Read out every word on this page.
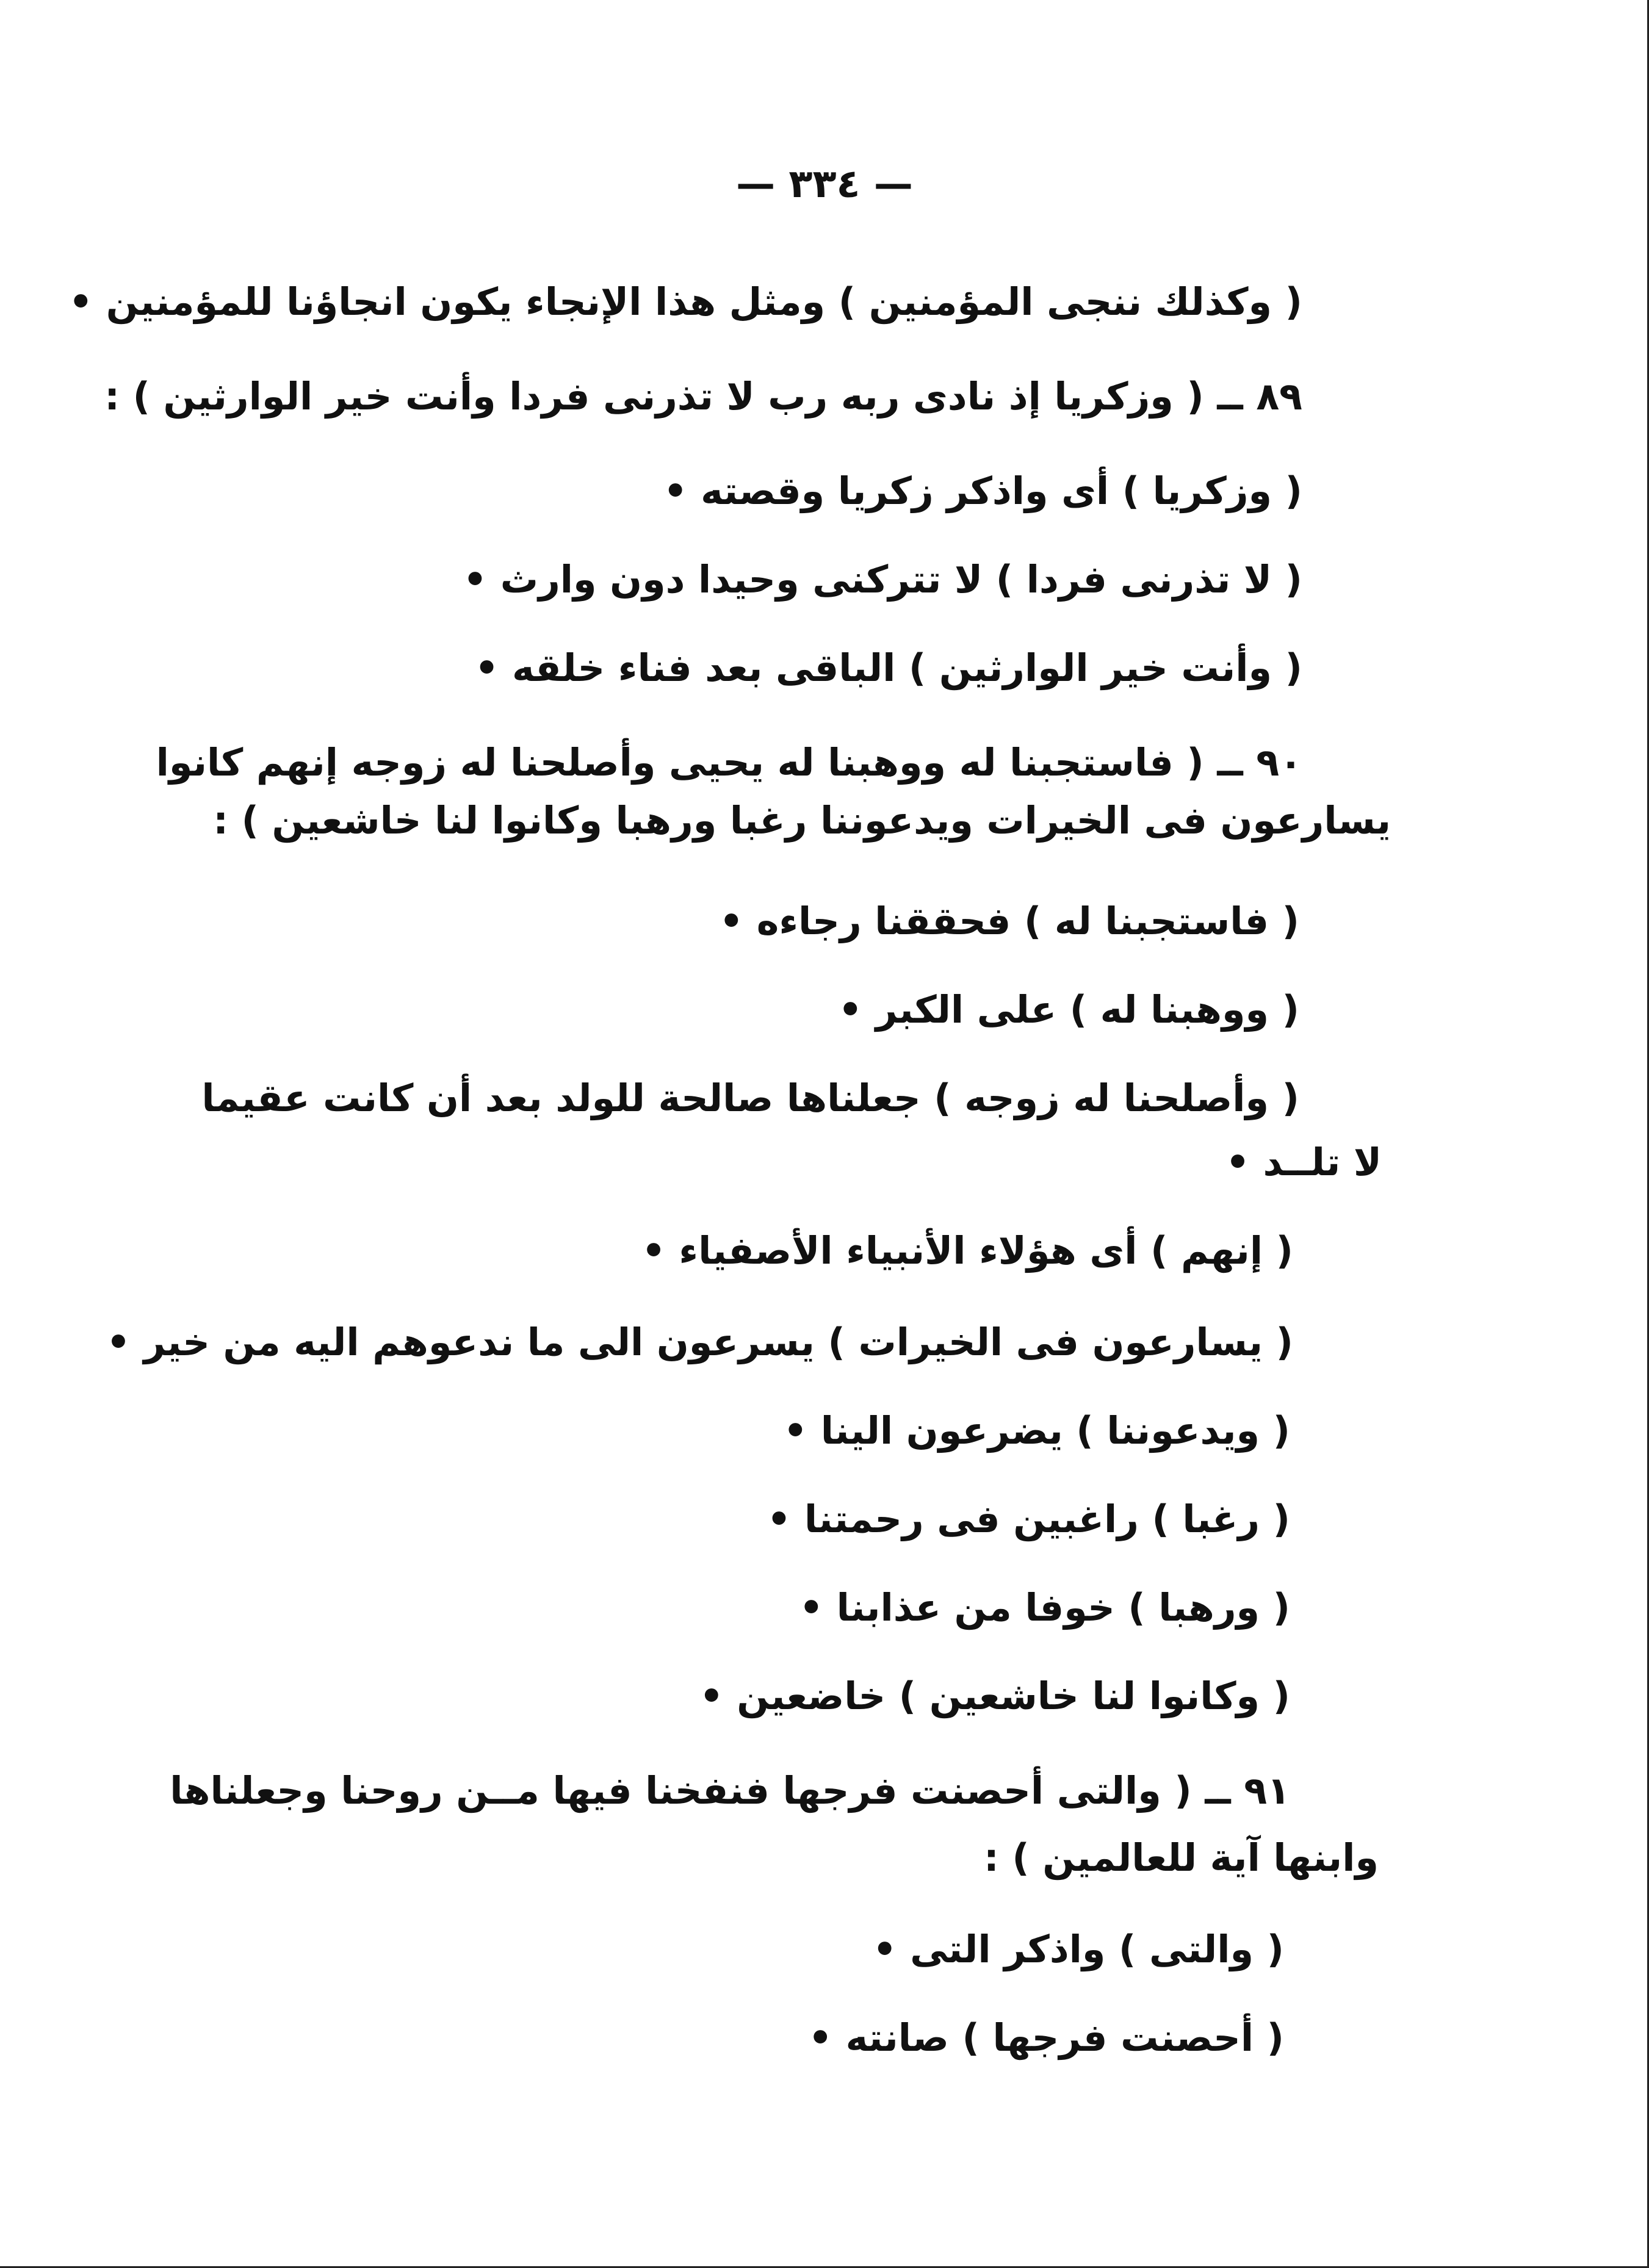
— ٣٣٤ —
( وكذلك ننجى المؤمنين ) ومثل هذا الإنجاء يكون انجاؤنا للمؤمنين •
٨٩ ــ ( وزكريا إذ نادى ربه رب لا تذرنى فردا وأنت خير الوارثين ) :
( وزكريا ) أى واذكر زكريا وقصته •
( لا تذرنى فردا ) لا تتركنى وحيدا دون وارث •
( وأنت خير الوارثين ) الباقى بعد فناء خلقه •
٩٠ ــ ( فاستجبنا له ووهبنا له يحيى وأصلحنا له زوجه إنهم كانوا
يسارعون فى الخيرات ويدعوننا رغبا ورهبا وكانوا لنا خاشعين ) :
( فاستجبنا له ) فحققنا رجاءه •
( ووهبنا له ) على الكبر •
( وأصلحنا له زوجه ) جعلناها صالحة للولد بعد أن كانت عقيما
لا تلــد •
( إنهم ) أى هؤلاء الأنبياء الأصفياء •
( يسارعون فى الخيرات ) يسرعون الى ما ندعوهم اليه من خير •
( ويدعوننا ) يضرعون الينا •
( رغبا ) راغبين فى رحمتنا •
( ورهبا ) خوفا من عذابنا •
( وكانوا لنا خاشعين ) خاضعين •
٩١ ــ ( والتى أحصنت فرجها فنفخنا فيها مــن روحنا وجعلناها
وابنها آية للعالمين ) :
( والتى ) واذكر التى •
( أحصنت فرجها ) صانته •
